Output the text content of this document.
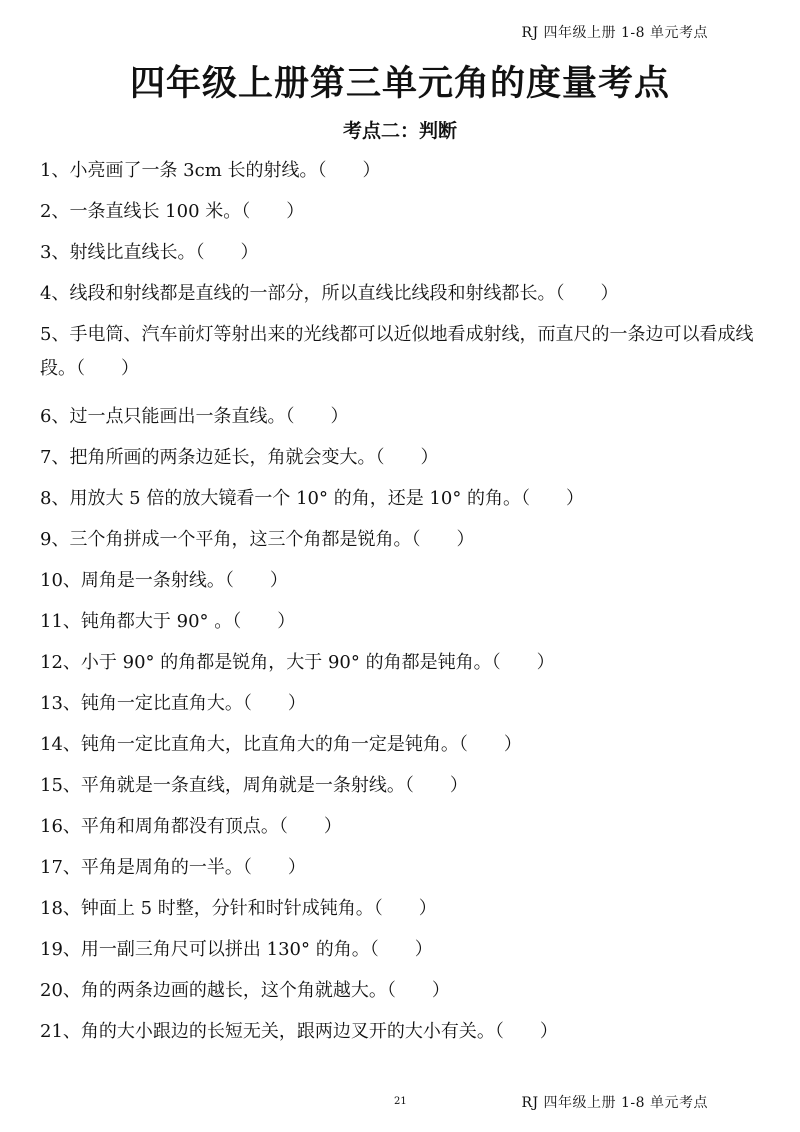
RJ 四年级上册 1-8 单元考点
四年级上册第三单元角的度量考点
考点二：判断
1、小亮画了一条 3cm 长的射线。（　　）
2、一条直线长 100 米。（　　）
3、射线比直线长。（　　）
4、线段和射线都是直线的一部分，所以直线比线段和射线都长。（　　）
5、手电筒、汽车前灯等射出来的光线都可以近似地看成射线，而直尺的一条边可以看成线段。（　　）
6、过一点只能画出一条直线。（　　）
7、把角所画的两条边延长，角就会变大。（　　）
8、用放大 5 倍的放大镜看一个 10° 的角，还是 10° 的角。（　　）
9、三个角拼成一个平角，这三个角都是锐角。（　　）
10、周角是一条射线。（　　）
11、钝角都大于 90° 。（　　）
12、小于 90° 的角都是锐角，大于 90° 的角都是钝角。（　　）
13、钝角一定比直角大。（　　）
14、钝角一定比直角大，比直角大的角一定是钝角。（　　）
15、平角就是一条直线，周角就是一条射线。（　　）
16、平角和周角都没有顶点。（　　）
17、平角是周角的一半。（　　）
18、钟面上 5 时整，分针和时针成钝角。（　　）
19、用一副三角尺可以拼出 130° 的角。（　　）
20、角的两条边画的越长，这个角就越大。（　　）
21、角的大小跟边的长短无关，跟两边叉开的大小有关。（　　）
21	RJ 四年级上册 1-8 单元考点
